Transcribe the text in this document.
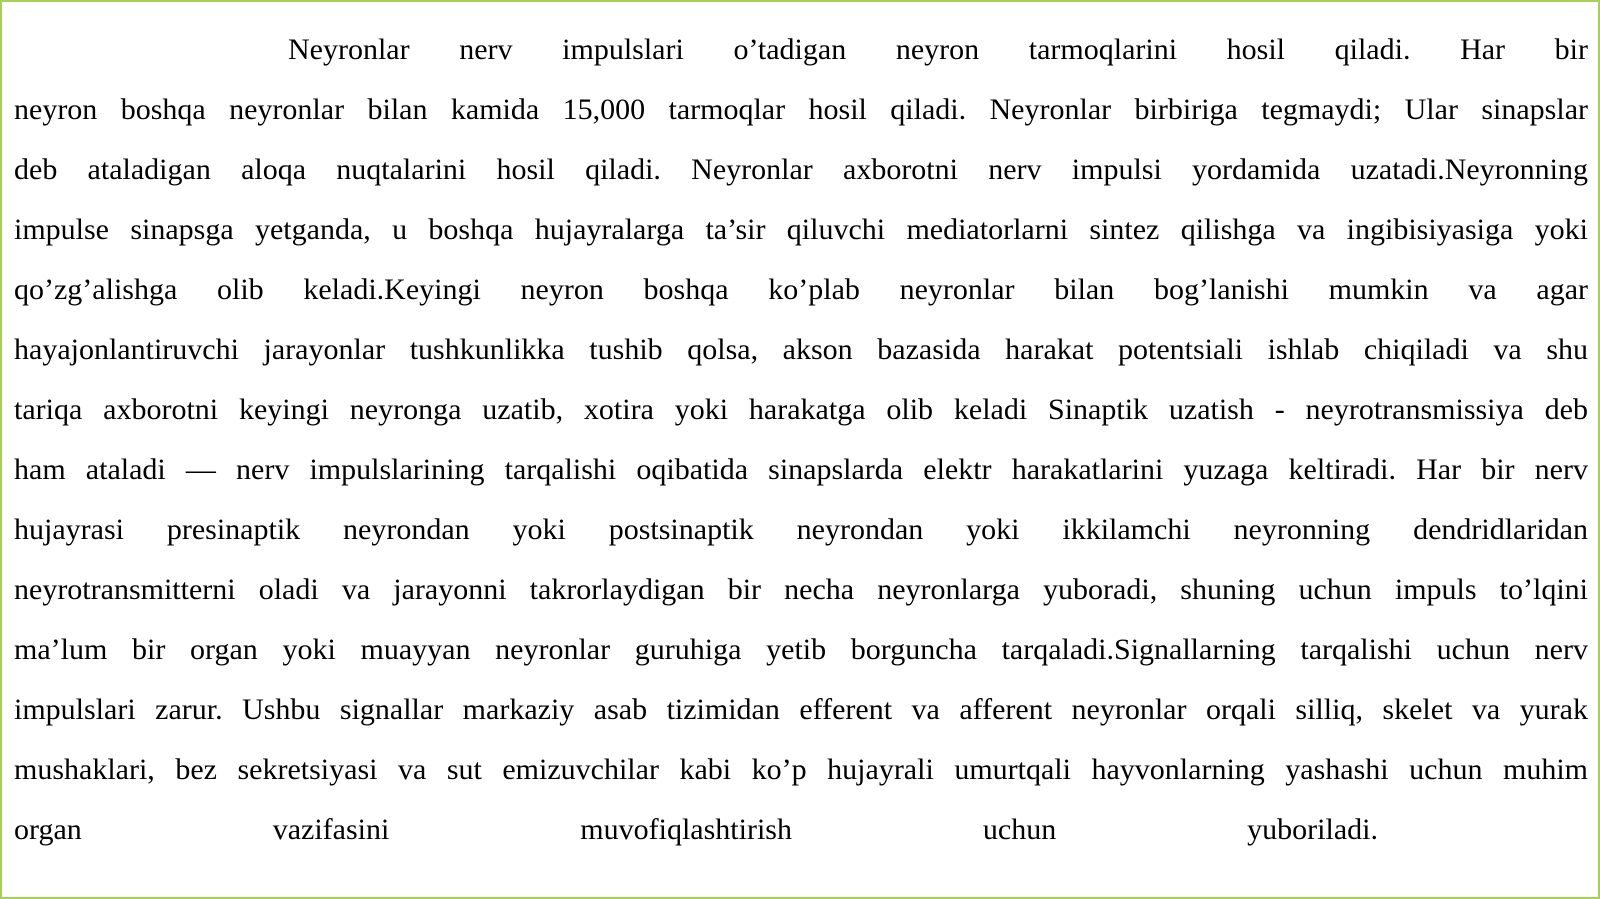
Neyronlar nerv impulslari o’tadigan neyron tarmoqlarini hosil qiladi. Har bir
neyron boshqa neyronlar bilan kamida 15,000 tarmoqlar hosil qiladi. Neyronlar birbiriga tegmaydi; Ular sinapslar
deb ataladigan aloqa nuqtalarini hosil qiladi. Neyronlar axborotni nerv impulsi yordamida uzatadi.Neyronning
impulse sinapsga yetganda, u boshqa hujayralarga ta’sir qiluvchi mediatorlarni sintez qilishga va ingibisiyasiga yoki
qo’zg’alishga olib keladi.Keyingi neyron boshqa ko’plab neyronlar bilan bog’lanishi mumkin va agar
hayajonlantiruvchi jarayonlar tushkunlikka tushib qolsa, akson bazasida harakat potentsiali ishlab chiqiladi va shu
tariqa axborotni keyingi neyronga uzatib, xotira yoki harakatga olib keladi Sinaptik uzatish - neyrotransmissiya deb
ham ataladi — nerv impulslarining tarqalishi oqibatida sinapslarda elektr harakatlarini yuzaga keltiradi. Har bir nerv
hujayrasi presinaptik neyrondan yoki postsinaptik neyrondan yoki ikkilamchi neyronning dendridlaridan
neyrotransmitterni oladi va jarayonni takrorlaydigan bir necha neyronlarga yuboradi, shuning uchun impuls to’lqini
ma’lum bir organ yoki muayyan neyronlar guruhiga yetib borguncha tarqaladi.Signallarning tarqalishi uchun nerv
impulslari zarur. Ushbu signallar markaziy asab tizimidan efferent va afferent neyronlar orqali silliq, skelet va yurak
mushaklari, bez sekretsiyasi va sut emizuvchilar kabi ko’p hujayrali umurtqali hayvonlarning yashashi uchun muhim
organ vazifasini muvofiqlashtirish uchun yuboriladi.
